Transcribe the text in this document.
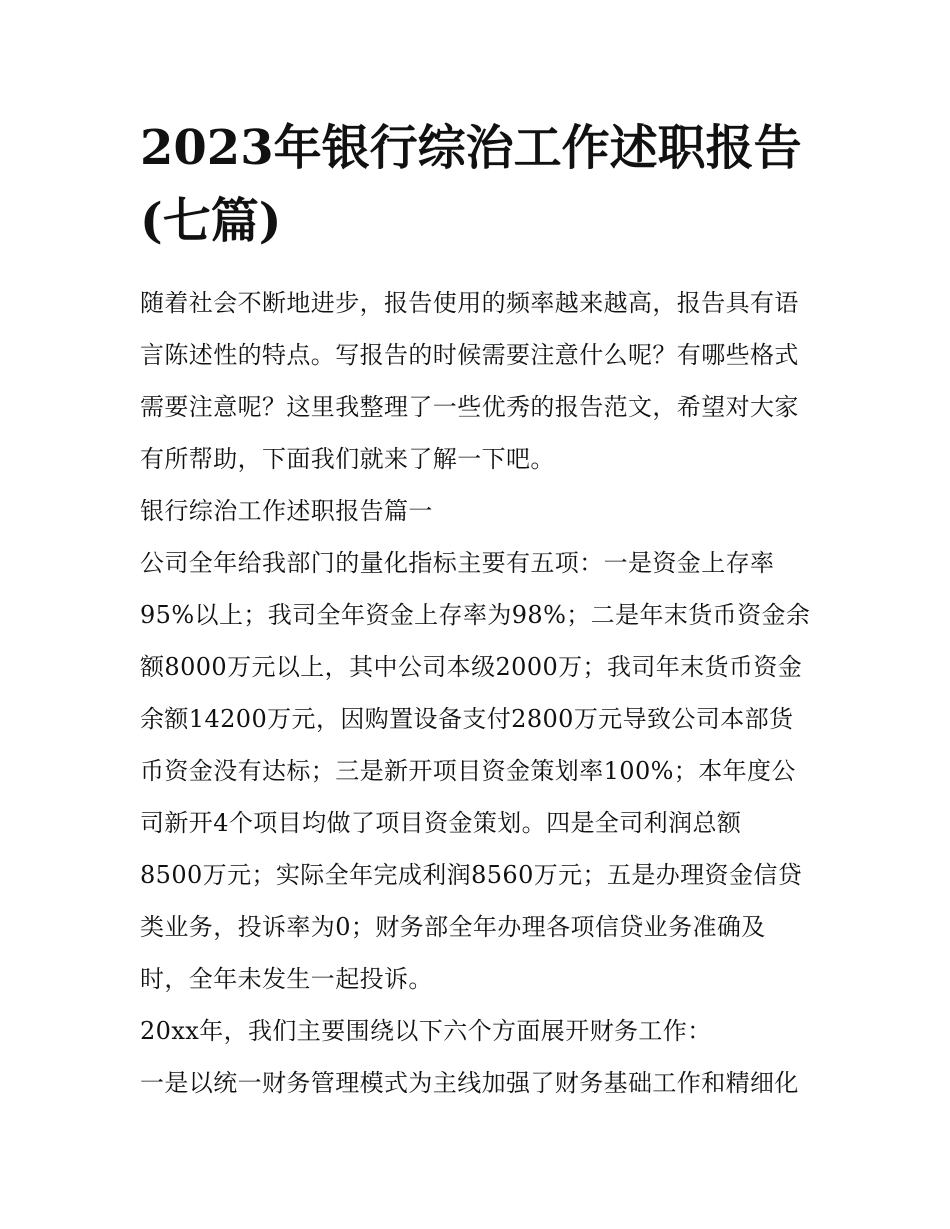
2023年银行综治工作述职报告
(七篇)
随着社会不断地进步，报告使用的频率越来越高，报告具有语
言陈述性的特点。写报告的时候需要注意什么呢？有哪些格式
需要注意呢？这里我整理了一些优秀的报告范文，希望对大家
有所帮助，下面我们就来了解一下吧。
银行综治工作述职报告篇一
公司全年给我部门的量化指标主要有五项：一是资金上存率
95%以上；我司全年资金上存率为98%；二是年末货币资金余
额8000万元以上，其中公司本级2000万；我司年末货币资金
余额14200万元，因购置设备支付2800万元导致公司本部货
币资金没有达标；三是新开项目资金策划率100%；本年度公
司新开4个项目均做了项目资金策划。四是全司利润总额
8500万元；实际全年完成利润8560万元；五是办理资金信贷
类业务，投诉率为0；财务部全年办理各项信贷业务准确及
时，全年未发生一起投诉。
20xx年，我们主要围绕以下六个方面展开财务工作：
一是以统一财务管理模式为主线加强了财务基础工作和精细化
